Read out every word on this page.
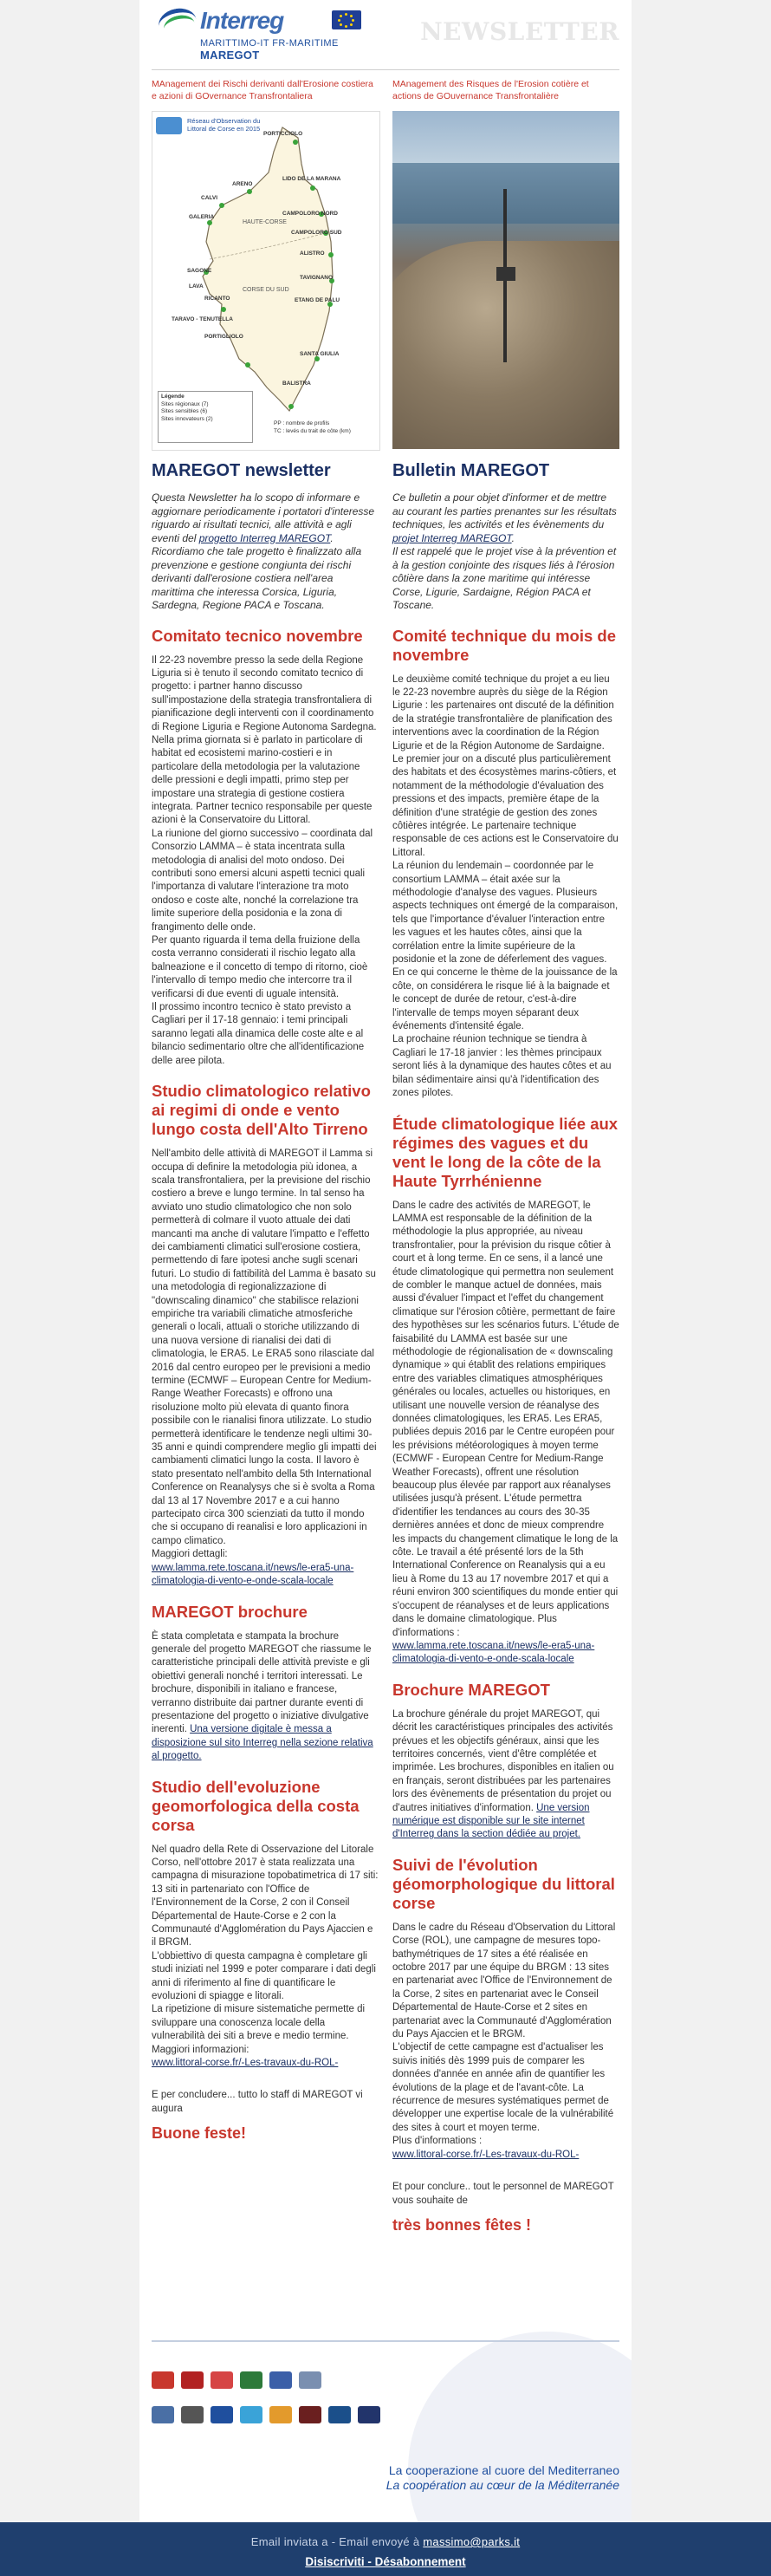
Interreg
MARITTIMO-IT FR-MARITIME
MAREGOT
NEWSLETTER
MAnagement dei Rischi derivanti dall'Erosione costiera e azioni di GOvernance Transfrontaliera
MAnagement des Risques de l'Erosion cotière et actions de GOuvernance Transfrontalière
Réseau d'Observation du Littoral de Corse en 2015
PORTICCIOLO
LIDO DE LA MARANA
ARENO
CALVI
CAMPOLORO NORD
GALERIA
CAMPOLORO SUD
ALISTRO
TAVIGNANO
ETANG DE PALU
SAGONE
LAVA
RICANTO
TARAVO - TENUTELLA
PORTIGLIOLO
SANTA GIULIA
BALISTRA
HAUTE-CORSE
CORSE DU SUD
Légende
Sites régionaux (7)
Sites sensibles (6)
Sites innovateurs (2)
PP : nombre de profils
TC : levés du trait de côte (km)
MAREGOT newsletter

Questa Newsletter ha lo scopo di informare e aggiornare periodicamente i portatori d'interesse riguardo ai risultati tecnici, alle attività e agli eventi del progetto Interreg MAREGOT.
Ricordiamo che tale progetto è finalizzato alla prevenzione e gestione congiunta dei rischi derivanti dall'erosione costiera nell'area marittima che interessa Corsica, Liguria, Sardegna, Regione PACA e Toscana.

Comitato tecnico novembre

Il 22-23 novembre presso la sede della Regione Liguria si è tenuto il secondo comitato tecnico di progetto: i partner hanno discusso sull'impostazione della strategia transfrontaliera di pianificazione degli interventi con il coordinamento di Regione Liguria e Regione Autonoma Sardegna.
Nella prima giornata si è parlato in particolare di habitat ed ecosistemi marino-costieri e in particolare della metodologia per la valutazione delle pressioni e degli impatti, primo step per impostare una strategia di gestione costiera integrata. Partner tecnico responsabile per queste azioni è la Conservatoire du Littoral.
La riunione del giorno successivo – coordinata dal Consorzio LAMMA – è stata incentrata sulla metodologia di analisi del moto ondoso. Dei contributi sono emersi alcuni aspetti tecnici quali l'importanza di valutare l'interazione tra moto ondoso e coste alte, nonché la correlazione tra limite superiore della posidonia e la zona di frangimento delle onde.
Per quanto riguarda il tema della fruizione della costa verranno considerati il rischio legato alla balneazione e il concetto di tempo di ritorno, cioè l'intervallo di tempo medio che intercorre tra il verificarsi di due eventi di uguale intensità.
Il prossimo incontro tecnico è stato previsto a Cagliari per il 17-18 gennaio: i temi principali saranno legati alla dinamica delle coste alte e al bilancio sedimentario oltre che all'identificazione delle aree pilota.

Studio climatologico relativo ai regimi di onde e vento lungo costa dell'Alto Tirreno

Nell'ambito delle attività di MAREGOT il Lamma si occupa di definire la metodologia più idonea, a scala transfrontaliera, per la previsione del rischio costiero a breve e lungo termine. In tal senso ha avviato uno studio climatologico che non solo permetterà di colmare il vuoto attuale dei dati mancanti ma anche di valutare l'impatto e l'effetto dei cambiamenti climatici sull'erosione costiera, permettendo di fare ipotesi anche sugli scenari futuri. Lo studio di fattibilità del Lamma è basato su una metodologia di regionalizzazione di "downscaling dinamico" che stabilisce relazioni empiriche tra variabili climatiche atmosferiche generali o locali, attuali o storiche utilizzando di una nuova versione di rianalisi dei dati di climatologia, le ERA5. Le ERA5 sono rilasciate dal 2016 dal centro europeo per le previsioni a medio termine (ECMWF – European Centre for Medium-Range Weather Forecasts) e offrono una risoluzione molto più elevata di quanto finora possibile con le rianalisi finora utilizzate. Lo studio permetterà identificare le tendenze negli ultimi 30-35 anni e quindi comprendere meglio gli impatti dei cambiamenti climatici lungo la costa. Il lavoro è stato presentato nell'ambito della 5th International Conference on Reanalysys che si è svolta a Roma dal 13 al 17 Novembre 2017 e a cui hanno partecipato circa 300 scienziati da tutto il mondo che si occupano di reanalisi e loro applicazioni in campo climatico.
Maggiori dettagli:

www.lamma.rete.toscana.it/news/le-era5-una-climatologia-di-vento-e-onde-scala-locale

MAREGOT brochure

È stata completata e stampata la brochure generale del progetto MAREGOT che riassume le caratteristiche principali delle attività previste e gli obiettivi generali nonché i territori interessati. Le brochure, disponibili in italiano e francese, verranno distribuite dai partner durante eventi di presentazione del progetto o iniziative divulgative inerenti. Una versione digitale è messa a disposizione sul sito Interreg nella sezione relativa al progetto.

Studio dell'evoluzione geomorfologica della costa corsa

Nel quadro della Rete di Osservazione del Litorale Corso, nell'ottobre 2017 è stata realizzata una campagna di misurazione topobatimetrica di 17 siti: 13 siti in partenariato con l'Office de l'Environnement de la Corse, 2 con il Conseil Départemental de Haute-Corse e 2 con la Communauté d'Agglomération du Pays Ajaccien e il BRGM.
L'obbiettivo di questa campagna è completare gli studi iniziati nel 1999 e poter comparare i dati degli anni di riferimento al fine di quantificare le evoluzioni di spiagge e litorali.
La ripetizione di misure sistematiche permette di sviluppare una conoscenza locale della vulnerabilità dei siti a breve e medio termine.
Maggiori informazioni:

www.littoral-corse.fr/-Les-travaux-du-ROL-

E per concludere... tutto lo staff di MAREGOT vi augura

Buone feste!
Bulletin MAREGOT

Ce bulletin a pour objet d'informer et de mettre au courant les parties prenantes sur les résultats techniques, les activités et les évènements du projet Interreg MAREGOT.
Il est rappelé que le projet vise à la prévention et à la gestion conjointe des risques liés à l'érosion côtière dans la zone maritime qui intéresse Corse, Ligurie, Sardaigne, Région PACA et Toscane.

Comité technique du mois de novembre

Le deuxième comité technique du projet a eu lieu le 22-23 novembre auprès du siège de la Région Ligurie : les partenaires ont discuté de la définition de la stratégie transfrontalière de planification des interventions avec la coordination de la Région Ligurie et de la Région Autonome de Sardaigne.
Le premier jour on a discuté plus particulièrement des habitats et des écosystèmes marins-côtiers, et notamment de la méthodologie d'évaluation des pressions et des impacts, première étape de la définition d'une stratégie de gestion des zones côtières intégrée. Le partenaire technique responsable de ces actions est le Conservatoire du Littoral.
La réunion du lendemain – coordonnée par le consortium LAMMA – était axée sur la méthodologie d'analyse des vagues. Plusieurs aspects techniques ont émergé de la comparaison, tels que l'importance d'évaluer l'interaction entre les vagues et les hautes côtes, ainsi que la corrélation entre la limite supérieure de la posidonie et la zone de déferlement des vagues.
En ce qui concerne le thème de la jouissance de la côte, on considérera le risque lié à la baignade et le concept de durée de retour, c'est-à-dire l'intervalle de temps moyen séparant deux événements d'intensité égale.
La prochaine réunion technique se tiendra à Cagliari le 17-18 janvier : les thèmes principaux seront liés à la dynamique des hautes côtes et au bilan sédimentaire ainsi qu'à l'identification des zones pilotes.

Étude climatologique liée aux régimes des vagues et du vent le long de la côte de la Haute Tyrrhénienne

Dans le cadre des activités de MAREGOT, le LAMMA est responsable de la définition de la méthodologie la plus appropriée, au niveau transfrontalier, pour la prévision du risque côtier à court et à long terme. En ce sens, il a lancé une étude climatologique qui permettra non seulement de combler le manque actuel de données, mais aussi d'évaluer l'impact et l'effet du changement climatique sur l'érosion côtière, permettant de faire des hypothèses sur les scénarios futurs. L'étude de faisabilité du LAMMA est basée sur une méthodologie de régionalisation de « downscaling dynamique » qui établit des relations empiriques entre des variables climatiques atmosphériques générales ou locales, actuelles ou historiques, en utilisant une nouvelle version de réanalyse des données climatologiques, les ERA5. Les ERA5, publiées depuis 2016 par le Centre européen pour les prévisions météorologiques à moyen terme (ECMWF - European Centre for Medium-Range Weather Forecasts), offrent une résolution beaucoup plus élevée par rapport aux réanalyses utilisées jusqu'à présent. L'étude permettra d'identifier les tendances au cours des 30-35 dernières années et donc de mieux comprendre les impacts du changement climatique le long de la côte. Le travail a été présenté lors de la 5th International Conference on Reanalysis qui a eu lieu à Rome du 13 au 17 novembre 2017 et qui a réuni environ 300 scientifiques du monde entier qui s'occupent de réanalyses et de leurs applications dans le domaine climatologique. Plus d'informations :

www.lamma.rete.toscana.it/news/le-era5-una-climatologia-di-vento-e-onde-scala-locale

Brochure MAREGOT

La brochure générale du projet MAREGOT, qui décrit les caractéristiques principales des activités prévues et les objectifs généraux, ainsi que les territoires concernés, vient d'être complétée et imprimée. Les brochures, disponibles en italien ou en français, seront distribuées par les partenaires lors des évènements de présentation du projet ou d'autres initiatives d'information. Une version numérique est disponible sur le site internet d'Interreg dans la section dédiée au projet.

Suivi de l'évolution géomorphologique du littoral corse

Dans le cadre du Réseau d'Observation du Littoral Corse (ROL), une campagne de mesures topo-bathymétriques de 17 sites a été réalisée en octobre 2017 par une équipe du BRGM : 13 sites en partenariat avec l'Office de l'Environnement de la Corse, 2 sites en partenariat avec le Conseil Départemental de Haute-Corse et 2 sites en partenariat avec la Communauté d'Agglomération du Pays Ajaccien et le BRGM.
L'objectif de cette campagne est d'actualiser les suivis initiés dès 1999 puis de comparer les données d'année en année afin de quantifier les évolutions de la plage et de l'avant-côte. La récurrence de mesures systématiques permet de développer une expertise locale de la vulnérabilité des sites à court et moyen terme.
Plus d'informations :

www.littoral-corse.fr/-Les-travaux-du-ROL-

Et pour conclure.. tout le personnel de MAREGOT vous souhaite de

très bonnes fêtes !
La cooperazione al cuore del Mediterraneo
La coopération au cœur de la Méditerranée
Email inviata a - Email envoyé à massimo@parks.it
Disiscriviti - Désabonnement
